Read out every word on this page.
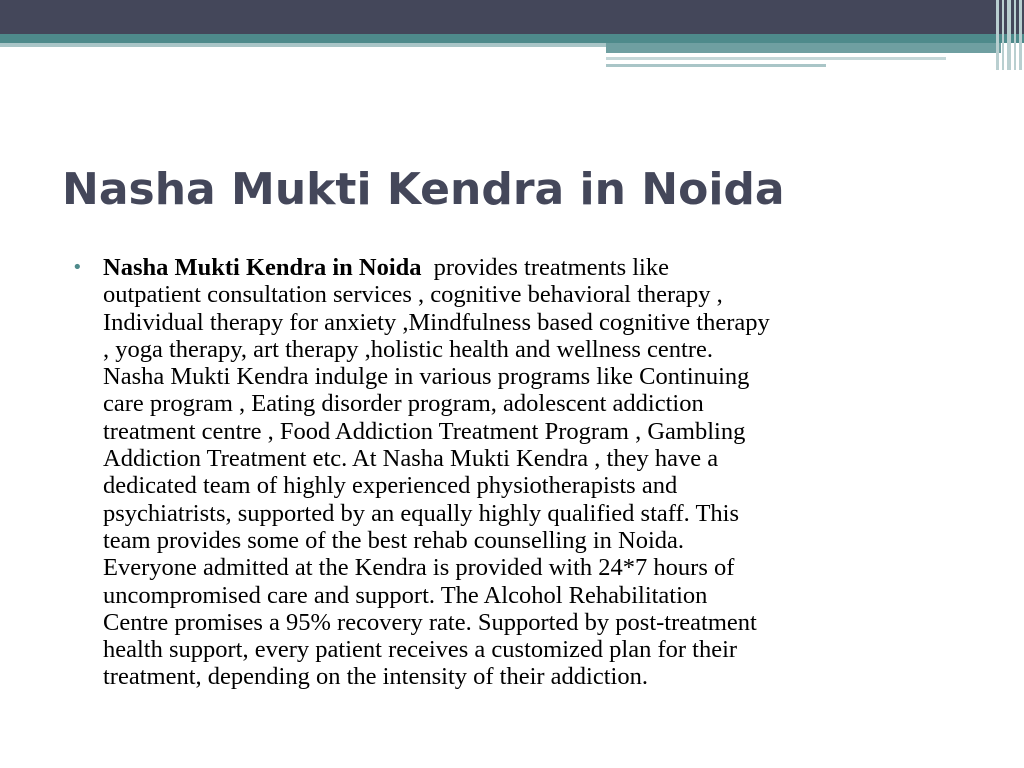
Nasha Mukti Kendra in Noida
• Nasha Mukti Kendra in Noida provides treatments like
outpatient consultation services , cognitive behavioral therapy ,
Individual therapy for anxiety ,Mindfulness based cognitive therapy
, yoga therapy, art therapy ,holistic health and wellness centre.
Nasha Mukti Kendra indulge in various programs like Continuing
care program , Eating disorder program, adolescent addiction
treatment centre , Food Addiction Treatment Program , Gambling
Addiction Treatment etc. At Nasha Mukti Kendra , they have a
dedicated team of highly experienced physiotherapists and
psychiatrists, supported by an equally highly qualified staff. This
team provides some of the best rehab counselling in Noida.
Everyone admitted at the Kendra is provided with 24*7 hours of
uncompromised care and support. The Alcohol Rehabilitation
Centre promises a 95% recovery rate. Supported by post-treatment
health support, every patient receives a customized plan for their
treatment, depending on the intensity of their addiction.
